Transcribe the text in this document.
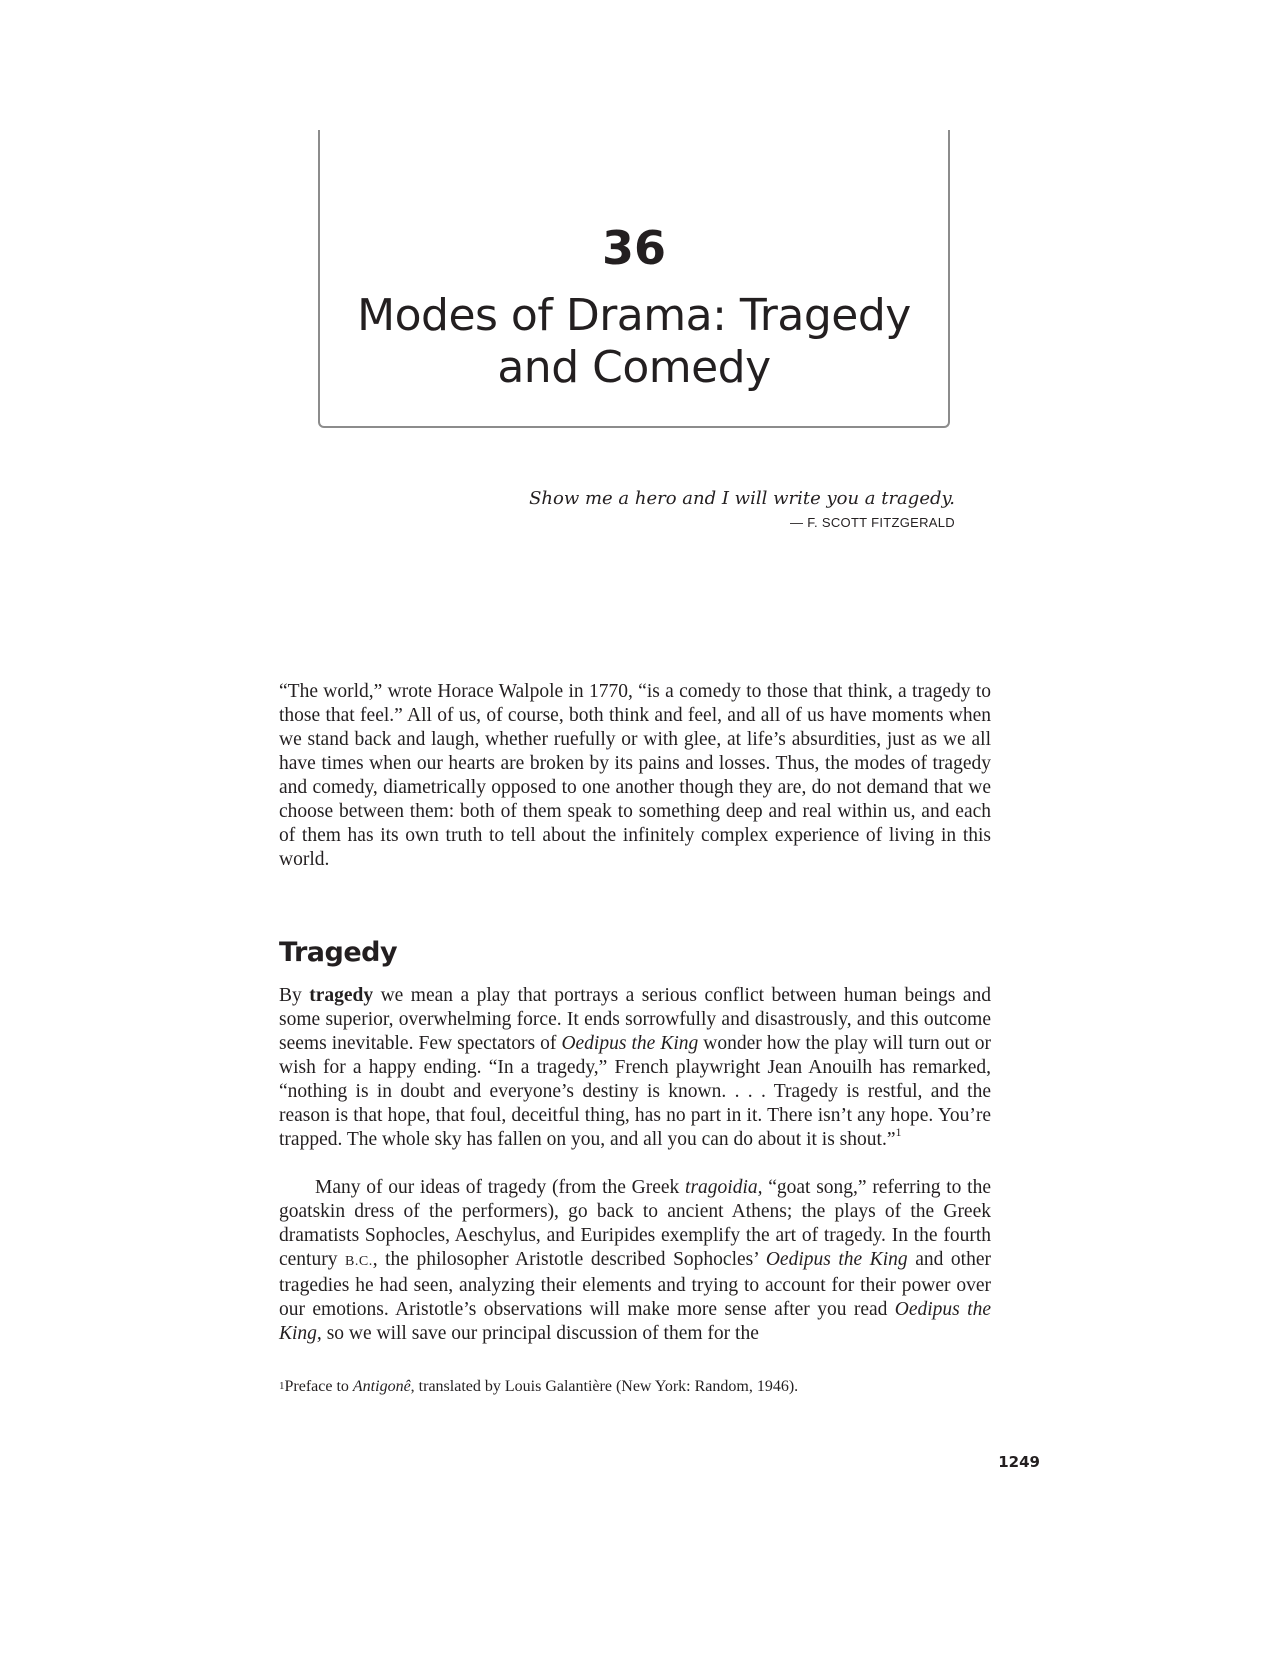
36
Modes of Drama: Tragedy
and Comedy
Show me a hero and I will write you a tragedy.
— F. SCOTT FITZGERALD

“The world,” wrote Horace Walpole in 1770, “is a comedy to those that think, a tragedy to those that feel.” All of us, of course, both think and feel, and all of us have moments when we stand back and laugh, whether ruefully or with glee, at life’s absurdities, just as we all have times when our hearts are broken by its pains and losses. Thus, the modes of tragedy and comedy, diametrically opposed to one another though they are, do not demand that we choose between them: both of them speak to something deep and real within us, and each of them has its own truth to tell about the infinitely complex experience of living in this world.

Tragedy

By tragedy we mean a play that portrays a serious conflict between human beings and some superior, overwhelming force. It ends sorrowfully and disastrously, and this outcome seems inevitable. Few spectators of Oedipus the King wonder how the play will turn out or wish for a happy ending. “In a tragedy,” French playwright Jean Anouilh has remarked, “nothing is in doubt and everyone’s destiny is known. . . . Tragedy is restful, and the reason is that hope, that foul, deceitful thing, has no part in it. There isn’t any hope. You’re trapped. The whole sky has fallen on you, and all you can do about it is shout.”$^1$

Many of our ideas of tragedy (from the Greek tragoidia, “goat song,” referring to the goatskin dress of the performers), go back to ancient Athens; the plays of the Greek dramatists Sophocles, Aeschylus, and Euripides exemplify the art of tragedy. In the fourth century B.C., the philosopher Aristotle described Sophocles’ Oedipus the King and other tragedies he had seen, analyzing their elements and trying to account for their power over our emotions. Aristotle’s observations will make more sense after you read Oedipus the King, so we will save our principal discussion of them for the

$^1$Preface to Antigonê, translated by Louis Galantière (New York: Random, 1946).

1249
